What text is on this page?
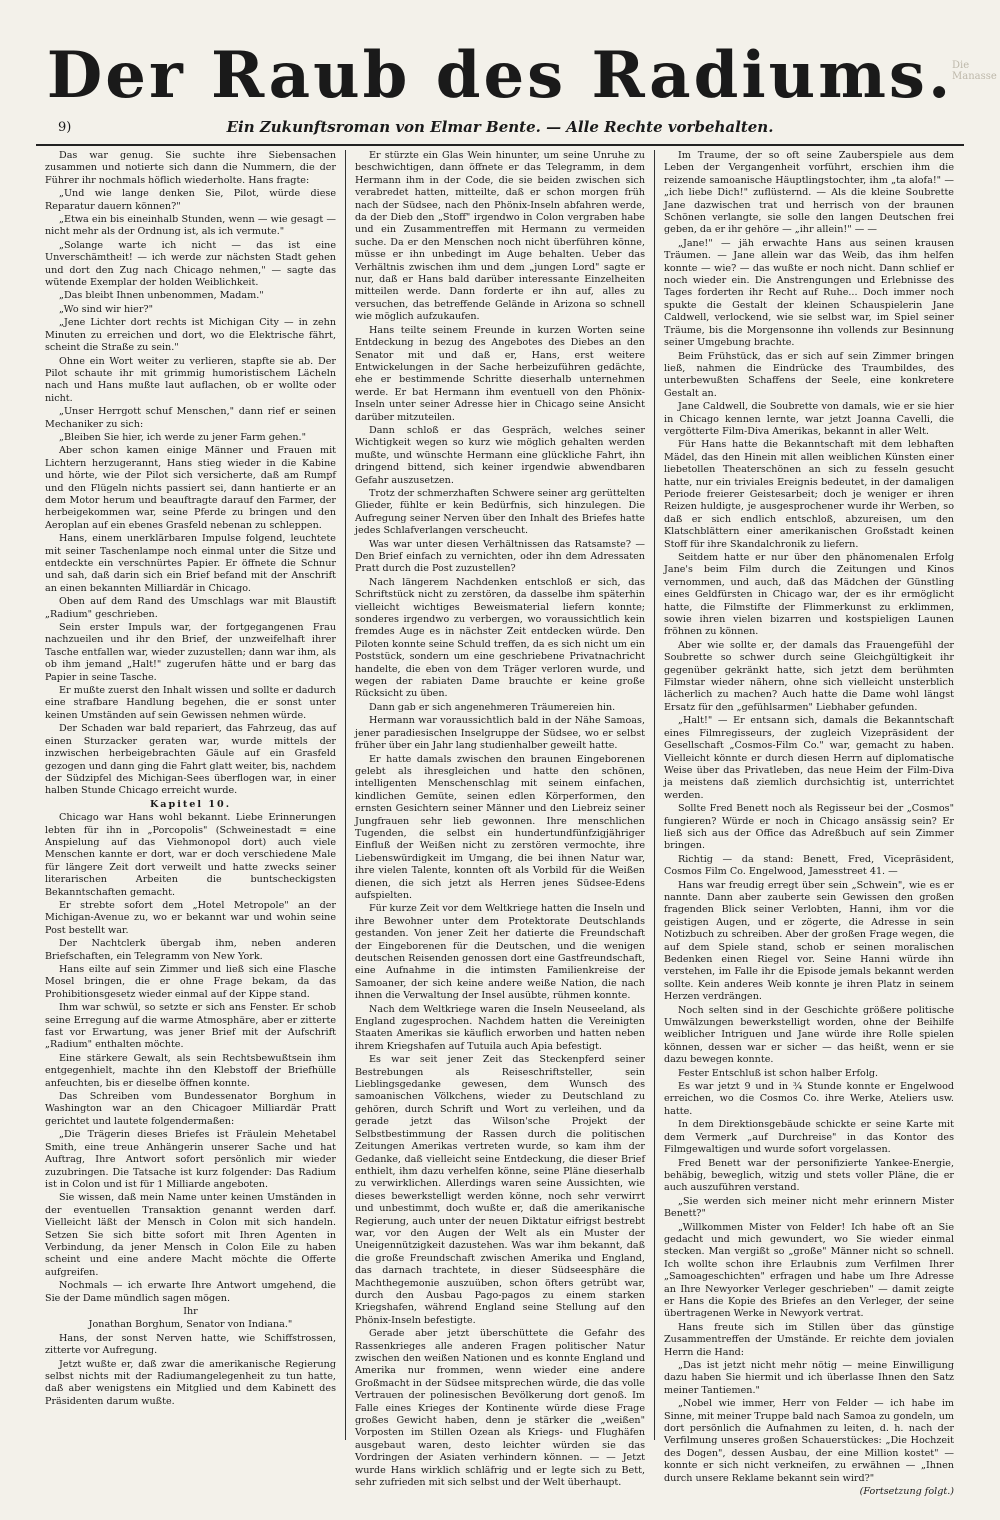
Die Manasse
Der Raub des Radiums.
9)	Ein Zukunftsroman von Elmar Bente. — Alle Rechte vorbehalten.

Das war genug. Sie suchte ihre Siebensachen zusammen und notierte sich dann die Nummern, die der Führer ihr nochmals höflich wiederholte. Hans fragte:

„Und wie lange denken Sie, Pilot, würde diese Reparatur dauern können?"

„Etwa ein bis eineinhalb Stunden, wenn — wie gesagt — nicht mehr als der Ordnung ist, als ich vermute."

„Solange warte ich nicht — das ist eine Unverschämtheit! — ich werde zur nächsten Stadt gehen und dort den Zug nach Chicago nehmen," — sagte das wütende Exemplar der holden Weiblichkeit.

„Das bleibt Ihnen unbenommen, Madam."

„Wo sind wir hier?"

„Jene Lichter dort rechts ist Michigan City — in zehn Minuten zu erreichen und dort, wo die Elektrische fährt, scheint die Straße zu sein."

Ohne ein Wort weiter zu verlieren, stapfte sie ab. Der Pilot schaute ihr mit grimmig humoristischem Lächeln nach und Hans mußte laut auflachen, ob er wollte oder nicht.

„Unser Herrgott schuf Menschen," dann rief er seinen Mechaniker zu sich:

„Bleiben Sie hier, ich werde zu jener Farm gehen."

Aber schon kamen einige Männer und Frauen mit Lichtern herzugerannt, Hans stieg wieder in die Kabine und hörte, wie der Pilot sich versicherte, daß am Rumpf und den Flügeln nichts passiert sei, dann hantierte er an dem Motor herum und beauftragte darauf den Farmer, der herbeigekommen war, seine Pferde zu bringen und den Aeroplan auf ein ebenes Grasfeld nebenan zu schleppen.

Hans, einem unerklärbaren Impulse folgend, leuchtete mit seiner Taschenlampe noch einmal unter die Sitze und entdeckte ein verschnürtes Papier. Er öffnete die Schnur und sah, daß darin sich ein Brief befand mit der Anschrift an einen bekannten Milliardär in Chicago.

Oben auf dem Rand des Umschlags war mit Blaustift „Radium" geschrieben.

Sein erster Impuls war, der fortgegangenen Frau nachzueilen und ihr den Brief, der unzweifelhaft ihrer Tasche entfallen war, wieder zuzustellen; dann war ihm, als ob ihm jemand „Halt!" zugerufen hätte und er barg das Papier in seine Tasche.

Er mußte zuerst den Inhalt wissen und sollte er dadurch eine strafbare Handlung begehen, die er sonst unter keinen Umständen auf sein Gewissen nehmen würde.

Der Schaden war bald repariert, das Fahrzeug, das auf einen Sturzacker geraten war, wurde mittels der inzwischen herbeigebrachten Gäule auf ein Grasfeld gezogen und dann ging die Fahrt glatt weiter, bis, nachdem der Südzipfel des Michigan-Sees überflogen war, in einer halben Stunde Chicago erreicht wurde.

Kapitel 10.

Chicago war Hans wohl bekannt. Liebe Erinnerungen lebten für ihn in „Porcopolis" (Schweinestadt = eine Anspielung auf das Viehmonopol dort) auch viele Menschen kannte er dort, war er doch verschiedene Male für längere Zeit dort verweilt und hatte zwecks seiner literarischen Arbeiten die buntscheckigsten Bekanntschaften gemacht.

Er strebte sofort dem „Hotel Metropole" an der Michigan-Avenue zu, wo er bekannt war und wohin seine Post bestellt war.

Der Nachtclerk übergab ihm, neben anderen Briefschaften, ein Telegramm von New York.

Hans eilte auf sein Zimmer und ließ sich eine Flasche Mosel bringen, die er ohne Frage bekam, da das Prohibitionsgesetz wieder einmal auf der Kippe stand.

Ihm war schwül, so setzte er sich ans Fenster. Er schob seine Erregung auf die warme Atmosphäre, aber er zitterte fast vor Erwartung, was jener Brief mit der Aufschrift „Radium" enthalten möchte.

Eine stärkere Gewalt, als sein Rechtsbewußtsein ihm entgegenhielt, machte ihn den Klebstoff der Briefhülle anfeuchten, bis er dieselbe öffnen konnte.

Das Schreiben vom Bundessenator Borghum in Washington war an den Chicagoer Milliardär Pratt gerichtet und lautete folgendermaßen:

„Die Trägerin dieses Briefes ist Fräulein Mehetabel Smith, eine treue Anhängerin unserer Sache und hat Auftrag, Ihre Antwort sofort persönlich mir wieder zuzubringen. Die Tatsache ist kurz folgender: Das Radium ist in Colon und ist für 1 Milliarde angeboten.

Sie wissen, daß mein Name unter keinen Umständen in der eventuellen Transaktion genannt werden darf. Vielleicht läßt der Mensch in Colon mit sich handeln. Setzen Sie sich bitte sofort mit Ihren Agenten in Verbindung, da jener Mensch in Colon Eile zu haben scheint und eine andere Macht möchte die Offerte aufgreifen.

Nochmals — ich erwarte Ihre Antwort umgehend, die Sie der Dame mündlich sagen mögen.

Ihr

Jonathan Borghum, Senator von Indiana."

Hans, der sonst Nerven hatte, wie Schiffstrossen, zitterte vor Aufregung.

Jetzt wußte er, daß zwar die amerikanische Regierung selbst nichts mit der Radiumangelegenheit zu tun hatte, daß aber wenigstens ein Mitglied und dem Kabinett des Präsidenten darum wußte.

Er stürzte ein Glas Wein hinunter, um seine Unruhe zu beschwichtigen, dann öffnete er das Telegramm, in dem Hermann ihm in der Code, die sie beiden zwischen sich verabredet hatten, mitteilte, daß er schon morgen früh nach der Südsee, nach den Phönix-Inseln abfahren werde, da der Dieb den „Stoff" irgendwo in Colon vergraben habe und ein Zusammentreffen mit Hermann zu vermeiden suche. Da er den Menschen noch nicht überführen könne, müsse er ihn unbedingt im Auge behalten. Ueber das Verhältnis zwischen ihm und dem „jungen Lord" sagte er nur, daß er Hans bald darüber interessante Einzelheiten mitteilen werde. Dann forderte er ihn auf, alles zu versuchen, das betreffende Gelände in Arizona so schnell wie möglich aufzukaufen.

Hans teilte seinem Freunde in kurzen Worten seine Entdeckung in bezug des Angebotes des Diebes an den Senator mit und daß er, Hans, erst weitere Entwickelungen in der Sache herbeizuführen gedächte, ehe er bestimmende Schritte dieserhalb unternehmen werde. Er bat Hermann ihm eventuell von den Phönix-Inseln unter seiner Adresse hier in Chicago seine Ansicht darüber mitzuteilen.

Dann schloß er das Gespräch, welches seiner Wichtigkeit wegen so kurz wie möglich gehalten werden mußte, und wünschte Hermann eine glückliche Fahrt, ihn dringend bittend, sich keiner irgendwie abwendbaren Gefahr auszusetzen.

Trotz der schmerzhaften Schwere seiner arg gerüttelten Glieder, fühlte er kein Bedürfnis, sich hinzulegen. Die Aufregung seiner Nerven über den Inhalt des Briefes hatte jedes Schlafverlangen verscheucht.

Was war unter diesen Verhältnissen das Ratsamste? — Den Brief einfach zu vernichten, oder ihn dem Adressaten Pratt durch die Post zuzustellen?

Nach längerem Nachdenken entschloß er sich, das Schriftstück nicht zu zerstören, da dasselbe ihm späterhin vielleicht wichtiges Beweismaterial liefern konnte; sonderes irgendwo zu verbergen, wo voraussichtlich kein fremdes Auge es in nächster Zeit entdecken würde. Den Piloten konnte seine Schuld treffen, da es sich nicht um ein Poststück, sondern um eine geschriebene Privatnachricht handelte, die eben von dem Träger verloren wurde, und wegen der rabiaten Dame brauchte er keine große Rücksicht zu üben.

Dann gab er sich angenehmeren Träumereien hin.

Hermann war voraussichtlich bald in der Nähe Samoas, jener paradiesischen Inselgruppe der Südsee, wo er selbst früher über ein Jahr lang studienhalber geweilt hatte.

Er hatte damals zwischen den braunen Eingeborenen gelebt als ihresgleichen und hatte den schönen, intelligenten Menschenschlag mit seinem einfachen, kindlichen Gemüte, seinen edlen Körperformen, den ernsten Gesichtern seiner Männer und den Liebreiz seiner Jungfrauen sehr lieb gewonnen. Ihre menschlichen Tugenden, die selbst ein hundertundfünfzigjähriger Einfluß der Weißen nicht zu zerstören vermochte, ihre Liebenswürdigkeit im Umgang, die bei ihnen Natur war, ihre vielen Talente, konnten oft als Vorbild für die Weißen dienen, die sich jetzt als Herren jenes Südsee-Edens aufspielten.

Für kurze Zeit vor dem Weltkriege hatten die Inseln und ihre Bewohner unter dem Protektorate Deutschlands gestanden. Von jener Zeit her datierte die Freundschaft der Eingeborenen für die Deutschen, und die wenigen deutschen Reisenden genossen dort eine Gastfreundschaft, eine Aufnahme in die intimsten Familienkreise der Samoaner, der sich keine andere weiße Nation, die nach ihnen die Verwaltung der Insel ausübte, rühmen konnte.

Nach dem Weltkriege waren die Inseln Neuseeland, als England zugesprochen. Nachdem hatten die Vereinigten Staaten Amerikas sie käuflich erworben und hatten neben ihrem Kriegshafen auf Tutuila auch Apia befestigt.

Es war seit jener Zeit das Steckenpferd seiner Bestrebungen als Reiseschriftsteller, sein Lieblingsgedanke gewesen, dem Wunsch des samoanischen Völkchens, wieder zu Deutschland zu gehören, durch Schrift und Wort zu verleihen, und da gerade jetzt das Wilson'sche Projekt der Selbstbestimmung der Rassen durch die politischen Zeitungen Amerikas vertreten wurde, so kam ihm der Gedanke, daß vielleicht seine Entdeckung, die dieser Brief enthielt, ihm dazu verhelfen könne, seine Pläne dieserhalb zu verwirklichen. Allerdings waren seine Aussichten, wie dieses bewerkstelligt werden könne, noch sehr verwirrt und unbestimmt, doch wußte er, daß die amerikanische Regierung, auch unter der neuen Diktatur eifrigst bestrebt war, vor den Augen der Welt als ein Muster der Uneigennützigkeit dazustehen. Was war ihm bekannt, daß die große Freundschaft zwischen Amerika und England, das darnach trachtete, in dieser Südseesphäre die Machthegemonie auszuüben, schon öfters getrübt war, durch den Ausbau Pago-pagos zu einem starken Kriegshafen, während England seine Stellung auf den Phönix-Inseln befestigte.

Gerade aber jetzt überschüttete die Gefahr des Rassenkrieges alle anderen Fragen politischer Natur zwischen den weißen Nationen und es konnte England und Amerika nur frommen, wenn wieder eine andere Großmacht in der Südsee mitsprechen würde, die das volle Vertrauen der polinesischen Bevölkerung dort genoß. Im Falle eines Krieges der Kontinente würde diese Frage großes Gewicht haben, denn je stärker die „weißen" Vorposten im Stillen Ozean als Kriegs- und Flughäfen ausgebaut waren, desto leichter würden sie das Vordringen der Asiaten verhindern können. — — Jetzt wurde Hans wirklich schläfrig und er legte sich zu Bett, sehr zufrieden mit sich selbst und der Welt überhaupt.

Im Traume, der so oft seine Zauberspiele aus dem Leben der Vergangenheit vorführt, erschien ihm die reizende samoanische Häuptlingstochter, ihm „ta alofa!" — „ich liebe Dich!" zuflüsternd. — Als die kleine Soubrette Jane dazwischen trat und herrisch von der braunen Schönen verlangte, sie solle den langen Deutschen frei geben, da er ihr gehöre — „ihr allein!" — —

„Jane!" — jäh erwachte Hans aus seinen krausen Träumen. — Jane allein war das Weib, das ihm helfen konnte — wie? — das wußte er noch nicht. Dann schlief er noch wieder ein. Die Anstrengungen und Erlebnisse des Tages forderten ihr Recht auf Ruhe... Doch immer noch spukte die Gestalt der kleinen Schauspielerin Jane Caldwell, verlockend, wie sie selbst war, im Spiel seiner Träume, bis die Morgensonne ihn vollends zur Besinnung seiner Umgebung brachte.

Beim Frühstück, das er sich auf sein Zimmer bringen ließ, nahmen die Eindrücke des Traumbildes, des unterbewußten Schaffens der Seele, eine konkretere Gestalt an.

Jane Caldwell, die Soubrette von damals, wie er sie hier in Chicago kennen lernte, war jetzt Joanna Cavelli, die vergötterte Film-Diva Amerikas, bekannt in aller Welt.

Für Hans hatte die Bekanntschaft mit dem lebhaften Mädel, das den Hinein mit allen weiblichen Künsten einer liebetollen Theaterschönen an sich zu fesseln gesucht hatte, nur ein triviales Ereignis bedeutet, in der damaligen Periode freierer Geistesarbeit; doch je weniger er ihren Reizen huldigte, je ausgesprochener wurde ihr Werben, so daß er sich endlich entschloß, abzureisen, um den Klatschblättern einer amerikanischen Großstadt keinen Stoff für ihre Skandalchronik zu liefern.

Seitdem hatte er nur über den phänomenalen Erfolg Jane's beim Film durch die Zeitungen und Kinos vernommen, und auch, daß das Mädchen der Günstling eines Geldfürsten in Chicago war, der es ihr ermöglicht hatte, die Filmstifte der Flimmerkunst zu erklimmen, sowie ihren vielen bizarren und kostspieligen Launen fröhnen zu können.

Aber wie sollte er, der damals das Frauengefühl der Soubrette so schwer durch seine Gleichgültigkeit ihr gegenüber gekränkt hatte, sich jetzt dem berühmten Filmstar wieder nähern, ohne sich vielleicht unsterblich lächerlich zu machen? Auch hatte die Dame wohl längst Ersatz für den „gefühlsarmen" Liebhaber gefunden.

„Halt!" — Er entsann sich, damals die Bekanntschaft eines Filmregisseurs, der zugleich Vizepräsident der Gesellschaft „Cosmos-Film Co." war, gemacht zu haben. Vielleicht könnte er durch diesen Herrn auf diplomatische Weise über das Privatleben, das neue Heim der Film-Diva ja meistens daß ziemlich durchsichtig ist, unterrichtet werden.

Sollte Fred Benett noch als Regisseur bei der „Cosmos" fungieren? Würde er noch in Chicago ansässig sein? Er ließ sich aus der Office das Adreßbuch auf sein Zimmer bringen.

Richtig — da stand: Benett, Fred, Vicepräsident, Cosmos Film Co. Engelwood, Jamesstreet 41. —

Hans war freudig erregt über sein „Schwein", wie es er nannte. Dann aber zauberte sein Gewissen den großen fragenden Blick seiner Verlobten, Hanni, ihm vor die geistigen Augen, und er zögerte, die Adresse in sein Notizbuch zu schreiben. Aber der großen Frage wegen, die auf dem Spiele stand, schob er seinen moralischen Bedenken einen Riegel vor. Seine Hanni würde ihn verstehen, im Falle ihr die Episode jemals bekannt werden sollte. Kein anderes Weib konnte je ihren Platz in seinem Herzen verdrängen.

Noch selten sind in der Geschichte größere politische Umwälzungen bewerkstelligt worden, ohne der Beihilfe weiblicher Intriguen und Jane würde ihre Rolle spielen können, dessen war er sicher — das heißt, wenn er sie dazu bewegen konnte.

Fester Entschluß ist schon halber Erfolg.

Es war jetzt 9 und in ¾ Stunde konnte er Engelwood erreichen, wo die Cosmos Co. ihre Werke, Ateliers usw. hatte.

In dem Direktionsgebäude schickte er seine Karte mit dem Vermerk „auf Durchreise" in das Kontor des Filmgewaltigen und wurde sofort vorgelassen.

Fred Benett war der personifizierte Yankee-Energie, behäbig, beweglich, witzig und stets voller Pläne, die er auch auszuführen verstand.

„Sie werden sich meiner nicht mehr erinnern Mister Benett?"

„Willkommen Mister von Felder! Ich habe oft an Sie gedacht und mich gewundert, wo Sie wieder einmal stecken. Man vergißt so „große" Männer nicht so schnell. Ich wollte schon ihre Erlaubnis zum Verfilmen Ihrer „Samoageschichten" erfragen und habe um Ihre Adresse an Ihre Newyorker Verleger geschrieben" — damit zeigte er Hans die Kopie des Briefes an den Verleger, der seine übertragenen Werke in Newyork vertrat.

Hans freute sich im Stillen über das günstige Zusammentreffen der Umstände. Er reichte dem jovialen Herrn die Hand:

„Das ist jetzt nicht mehr nötig — meine Einwilligung dazu haben Sie hiermit und ich überlasse Ihnen den Satz meiner Tantiemen."

„Nobel wie immer, Herr von Felder — ich habe im Sinne, mit meiner Truppe bald nach Samoa zu gondeln, um dort persönlich die Aufnahmen zu leiten, d. h. nach der Verfilmung unseres großen Schauerstückes: „Die Hochzeit des Dogen", dessen Ausbau, der eine Million kostet" — konnte er sich nicht verkneifen, zu erwähnen — „Ihnen durch unsere Reklame bekannt sein wird?"

(Fortsetzung folgt.)
